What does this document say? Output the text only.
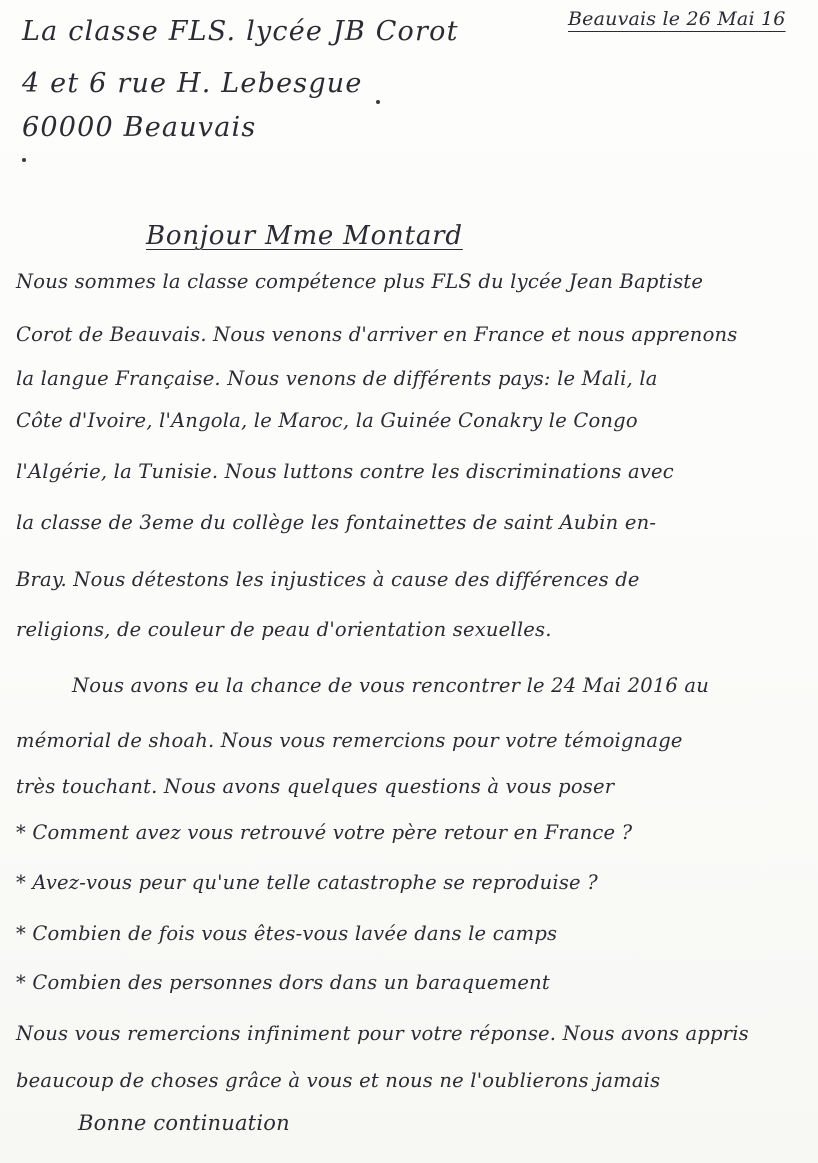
La classe FLS. lycée JB Corot
4 et 6 rue H. Lebesgue
60000 Beauvais
Beauvais le 26 Mai 16
Bonjour Mme Montard
Nous sommes la classe compétence plus FLS du lycée Jean Baptiste
Corot de Beauvais. Nous venons d'arriver en France et nous apprenons
la langue Française. Nous venons de différents pays: le Mali, la
Côte d'Ivoire, l'Angola, le Maroc, la Guinée Conakry le Congo
l'Algérie, la Tunisie. Nous luttons contre les discriminations avec
la classe de 3eme du collège les fontainettes de saint Aubin en-
Bray. Nous détestons les injustices à cause des différences de
religions, de couleur de peau d'orientation sexuelles.
Nous avons eu la chance de vous rencontrer le 24 Mai 2016 au
mémorial de shoah. Nous vous remercions pour votre témoignage
très touchant. Nous avons quelques questions à vous poser
* Comment avez vous retrouvé votre père retour en France ?
* Avez-vous peur qu'une telle catastrophe se reproduise ?
* Combien de fois vous êtes-vous lavée dans le camps
* Combien des personnes dors dans un baraquement
Nous vous remercions infiniment pour votre réponse. Nous avons appris
beaucoup de choses grâce à vous et nous ne l'oublierons jamais
Bonne continuation
